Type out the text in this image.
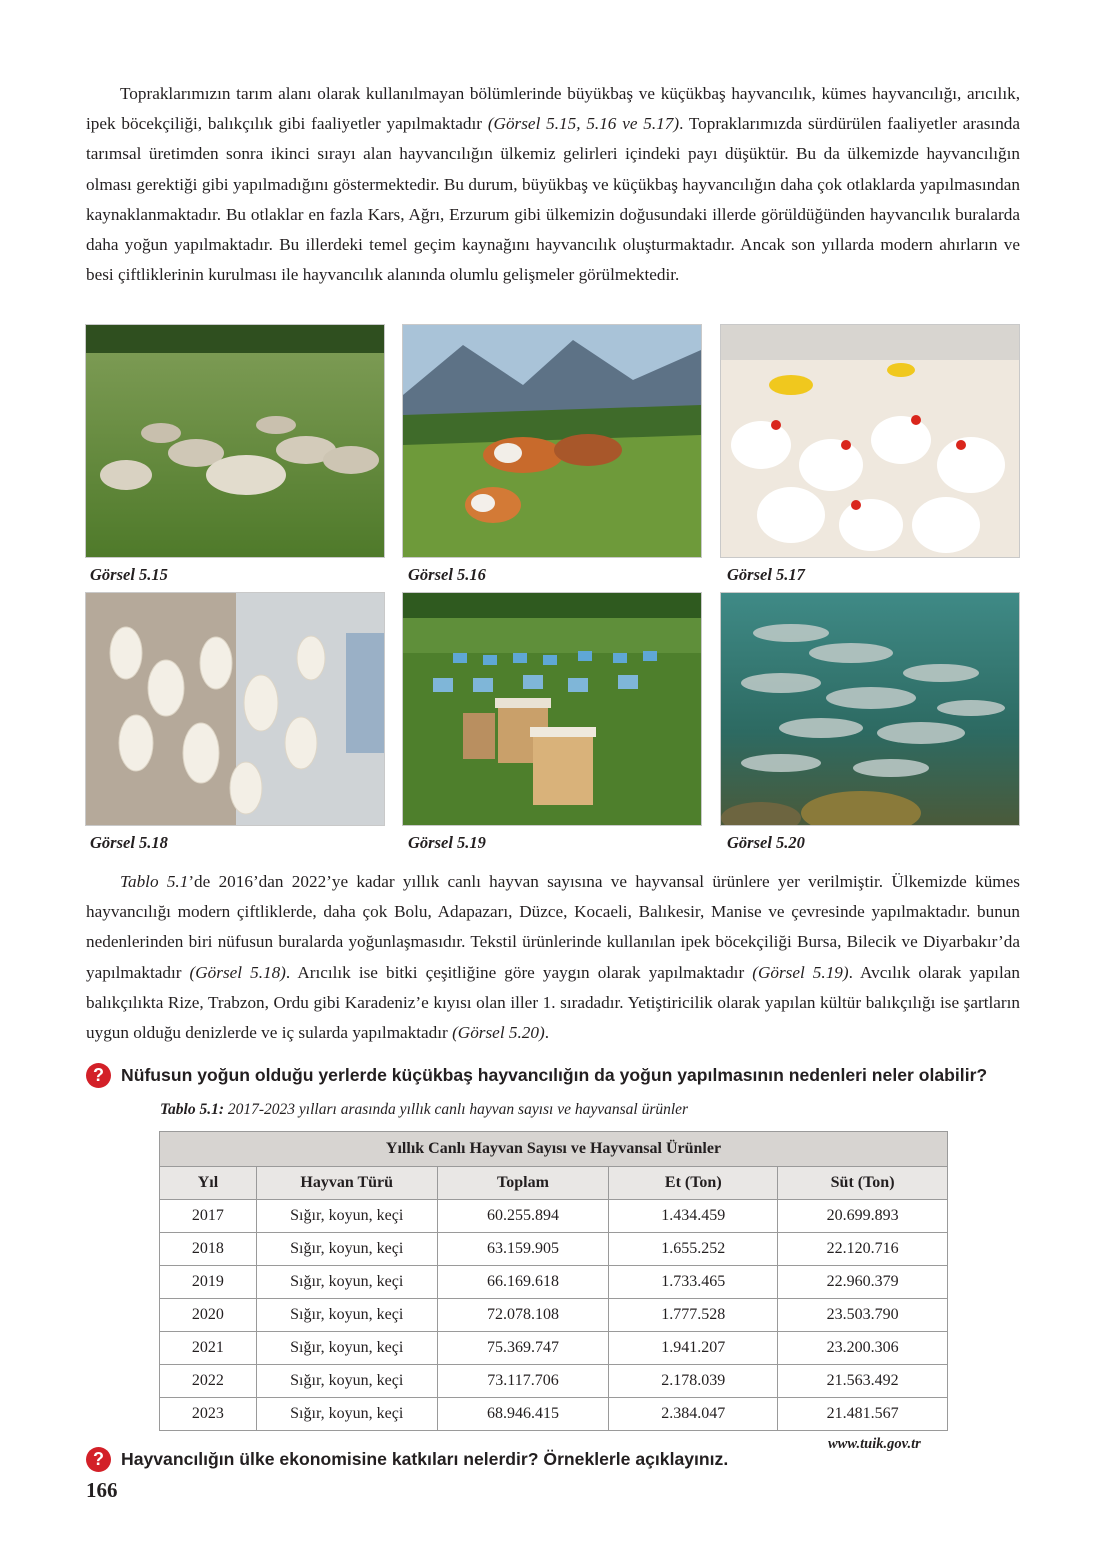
Topraklarımızın tarım alanı olarak kullanılmayan bölümlerinde büyükbaş ve küçükbaş hayvancılık, kümes hayvancılığı, arıcılık, ipek böcekçiliği, balıkçılık gibi faaliyetler yapılmaktadır (Görsel 5.15, 5.16 ve 5.17). Topraklarımızda sürdürülen faaliyetler arasında tarımsal üretimden sonra ikinci sırayı alan hayvancılığın ülkemiz gelirleri içindeki payı düşüktür. Bu da ülkemizde hayvancılığın olması gerektiği gibi yapılmadığını göstermektedir. Bu durum, büyükbaş ve küçükbaş hayvancılığın daha çok otlaklarda yapılmasından kaynaklanmaktadır. Bu otlaklar en fazla Kars, Ağrı, Erzurum gibi ülkemizin doğusundaki illerde görüldüğünden hayvancılık buralarda daha yoğun yapılmaktadır. Bu illerdeki temel geçim kaynağını hayvancılık oluşturmaktadır. Ancak son yıllarda modern ahırların ve besi çiftliklerinin kurulması ile hayvancılık alanında olumlu gelişmeler görülmektedir.

Görsel 5.15	Görsel 5.16	Görsel 5.17
Görsel 5.18	Görsel 5.19	Görsel 5.20

Tablo 5.1’de 2016’dan 2022’ye kadar yıllık canlı hayvan sayısına ve hayvansal ürünlere yer verilmiştir. Ülkemizde kümes hayvancılığı modern çiftliklerde, daha çok Bolu, Adapazarı, Düzce, Kocaeli, Balıkesir, Manise ve çevresinde yapılmaktadır. bunun nedenlerinden biri nüfusun buralarda yoğunlaşmasıdır. Tekstil ürünlerinde kullanılan ipek böcekçiliği Bursa, Bilecik ve Diyarbakır’da yapılmaktadır (Görsel 5.18). Arıcılık ise bitki çeşitliğine göre yaygın olarak yapılmaktadır (Görsel 5.19). Avcılık olarak yapılan balıkçılıkta Rize, Trabzon, Ordu gibi Karadeniz’e kıyısı olan iller 1. sıradadır. Yetiştiricilik olarak yapılan kültür balıkçılığı ise şartların uygun olduğu denizlerde ve iç sularda yapılmaktadır (Görsel 5.20).

? Nüfusun yoğun olduğu yerlerde küçükbaş hayvancılığın da yoğun yapılmasının nedenleri neler olabilir?
Tablo 5.1: 2017-2023 yılları arasında yıllık canlı hayvan sayısı ve hayvansal ürünler
Yıllık Canlı Hayvan Sayısı ve Hayvansal Ürünler				
Yıl	Hayvan Türü	Toplam	Et (Ton)	Süt (Ton)
2017	Sığır, koyun, keçi	60.255.894	1.434.459	20.699.893
2018	Sığır, koyun, keçi	63.159.905	1.655.252	22.120.716
2019	Sığır, koyun, keçi	66.169.618	1.733.465	22.960.379
2020	Sığır, koyun, keçi	72.078.108	1.777.528	23.503.790
2021	Sığır, koyun, keçi	75.369.747	1.941.207	23.200.306
2022	Sığır, koyun, keçi	73.117.706	2.178.039	21.563.492
2023	Sığır, koyun, keçi	68.946.415	2.384.047	21.481.567
www.tuik.gov.tr
? Hayvancılığın ülke ekonomisine katkıları nelerdir? Örneklerle açıklayınız.
166
